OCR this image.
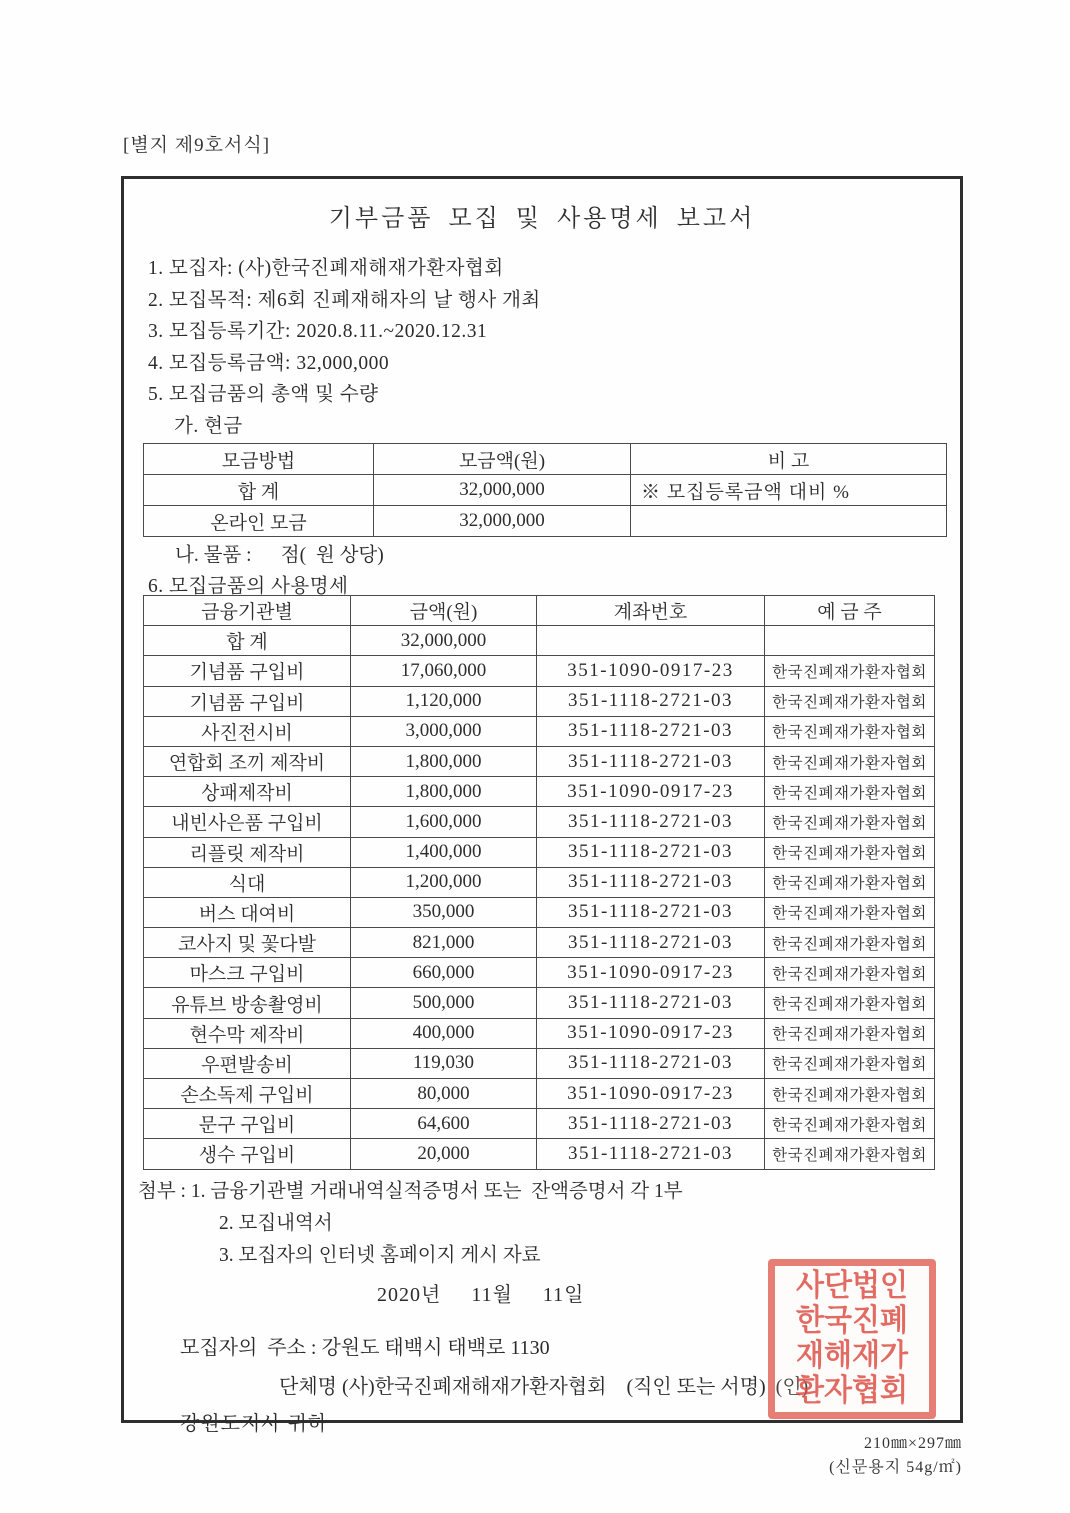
[별지 제9호서식]
기부금품 모집 및 사용명세 보고서
1. 모집자: (사)한국진폐재해재가환자협회
2. 모집목적: 제6회 진폐재해자의 날 행사 개최
3. 모집등록기간: 2020.8.11.~2020.12.31
4. 모집등록금액: 32,000,000
5. 모집금품의 총액 및 수량
가. 현금
모금방법	모금액(원)	비 고
합 계	32,000,000	※ 모집등록금액 대비 %
온라인 모금	32,000,000	
나. 물품 :      점(  원 상당)
6. 모집금품의 사용명세
금융기관별	금액(원)	계좌번호	예 금 주
합 계	32,000,000		
기념품 구입비	17,060,000	351-1090-0917-23	한국진폐재가환자협회
기념품 구입비	1,120,000	351-1118-2721-03	한국진폐재가환자협회
사진전시비	3,000,000	351-1118-2721-03	한국진폐재가환자협회
연합회 조끼 제작비	1,800,000	351-1118-2721-03	한국진폐재가환자협회
상패제작비	1,800,000	351-1090-0917-23	한국진폐재가환자협회
내빈사은품 구입비	1,600,000	351-1118-2721-03	한국진폐재가환자협회
리플릿 제작비	1,400,000	351-1118-2721-03	한국진폐재가환자협회
식대	1,200,000	351-1118-2721-03	한국진폐재가환자협회
버스 대여비	350,000	351-1118-2721-03	한국진폐재가환자협회
코사지 및 꽃다발	821,000	351-1118-2721-03	한국진폐재가환자협회
마스크 구입비	660,000	351-1090-0917-23	한국진폐재가환자협회
유튜브 방송촬영비	500,000	351-1118-2721-03	한국진폐재가환자협회
현수막 제작비	400,000	351-1090-0917-23	한국진폐재가환자협회
우편발송비	119,030	351-1118-2721-03	한국진폐재가환자협회
손소독제 구입비	80,000	351-1090-0917-23	한국진폐재가환자협회
문구 구입비	64,600	351-1118-2721-03	한국진폐재가환자협회
생수 구입비	20,000	351-1118-2721-03	한국진폐재가환자협회
첨부 : 1. 금융기관별 거래내역실적증명서 또는  잔액증명서 각 1부
2. 모집내역서
3. 모집자의 인터넷 홈페이지 게시 자료
2020년     11월     11일
모집자의  주소 : 강원도 태백시 태백로 1130
단체명 (사)한국진폐재해재가환자협회    (직인 또는 서명)  (인)
강원도지사 귀하
사단법인
한국진폐
재해재가
환자협회
210㎜×297㎜
(신문용지 54g/㎡)
